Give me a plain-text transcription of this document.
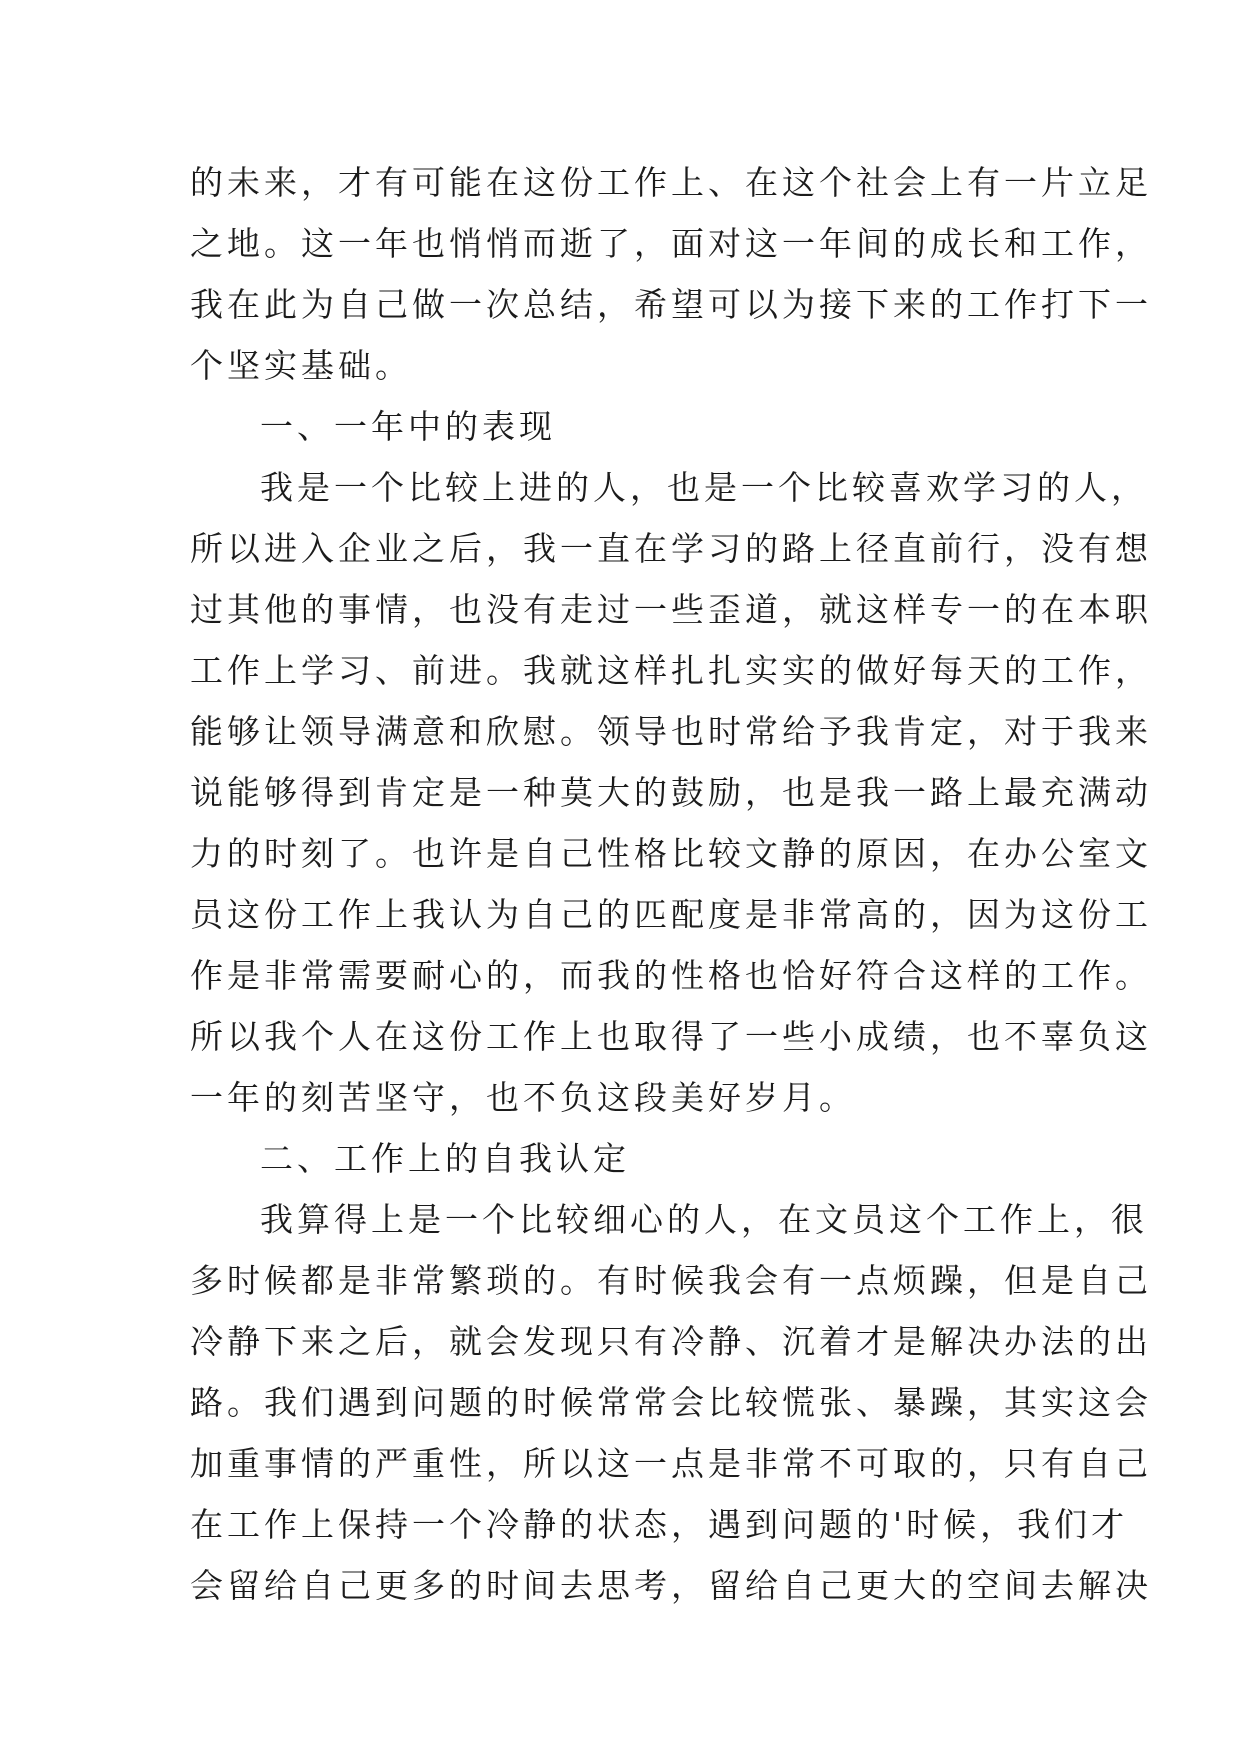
的未来，才有可能在这份工作上、在这个社会上有一片立足
之地。这一年也悄悄而逝了，面对这一年间的成长和工作，
我在此为自己做一次总结，希望可以为接下来的工作打下一
个坚实基础。
一、一年中的表现
我是一个比较上进的人，也是一个比较喜欢学习的人，
所以进入企业之后，我一直在学习的路上径直前行，没有想
过其他的事情，也没有走过一些歪道，就这样专一的在本职
工作上学习、前进。我就这样扎扎实实的做好每天的工作，
能够让领导满意和欣慰。领导也时常给予我肯定，对于我来
说能够得到肯定是一种莫大的鼓励，也是我一路上最充满动
力的时刻了。也许是自己性格比较文静的原因，在办公室文
员这份工作上我认为自己的匹配度是非常高的，因为这份工
作是非常需要耐心的，而我的性格也恰好符合这样的工作。
所以我个人在这份工作上也取得了一些小成绩，也不辜负这
一年的刻苦坚守，也不负这段美好岁月。
二、工作上的自我认定
我算得上是一个比较细心的人，在文员这个工作上，很
多时候都是非常繁琐的。有时候我会有一点烦躁，但是自己
冷静下来之后，就会发现只有冷静、沉着才是解决办法的出
路。我们遇到问题的时候常常会比较慌张、暴躁，其实这会
加重事情的严重性，所以这一点是非常不可取的，只有自己
在工作上保持一个冷静的状态，遇到问题的'时候，我们才
会留给自己更多的时间去思考，留给自己更大的空间去解决
